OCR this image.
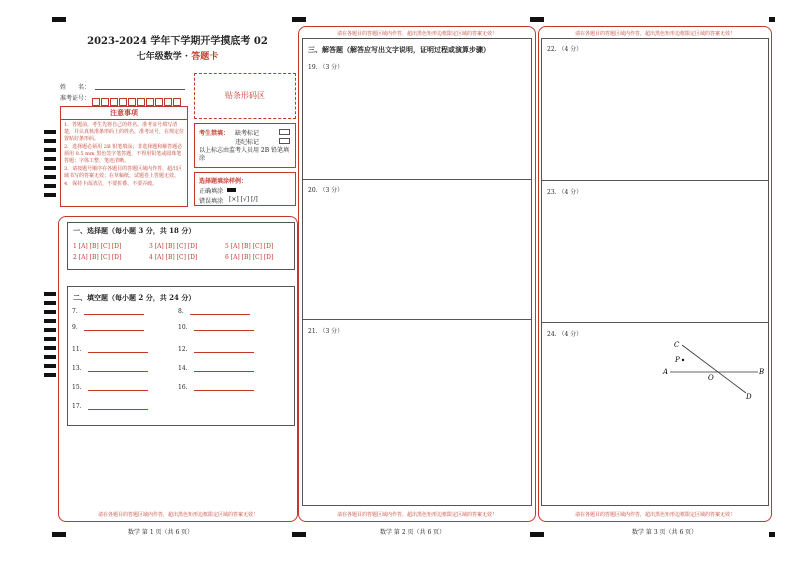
2023-2024 学年下学期开学摸底考 02
七年级数学 · 答题卡
姓　　名：
准考证号：	贴条形码区
注意事项
1．答题前，考生先将自己的姓名、准考证号填写清楚，并认真核准条形码上的姓名、准考证号，在规定位置贴好条形码。
2．选择题必须用 2B 铅笔填涂；非选择题和解答题必须用 0.5 mm 黑色签字笔答题，不得用铅笔或圆珠笔答题；字体工整、笔迹清晰。
3．请按题号顺序在各题目的答题区域内作答，超出区域书写的答案无效；在草稿纸、试题卷上答题无效。
4．保持卡面清洁，不要折叠、不要弄破。
考生禁填： 缺考标记
违纪标记
以上标志由监考人员用 2B 铅笔填涂
选择题填涂样例：
正确填涂
错误填涂 [×] [√] [/]
一、选择题（每小题 3 分，共 18 分）
1 [A] [B] [C] [D]	3 [A] [B] [C] [D]	5 [A] [B] [C] [D]
2 [A] [B] [C] [D]	4 [A] [B] [C] [D]	6 [A] [B] [C] [D]
二、填空题（每小题 2 分，共 24 分）
7.
9.
11.
13.
15.
17.
8.
10.
12.
14.
16.
请在各题目的答题区域内作答，超出黑色矩形边框限定区域的答案无效！
请在各题目的答题区域内作答，超出黑色矩形边框限定区域的答案无效！
三、解答题（解答应写出文字说明，证明过程或演算步骤）
19. （3 分）
20. （3 分）
21. （3 分）
请在各题目的答题区域内作答，超出黑色矩形边框限定区域的答案无效！
请在各题目的答题区域内作答，超出黑色矩形边框限定区域的答案无效！
22. （4 分）
23. （4 分）
24. （4 分）
C
P
A
O
B
D
请在各题目的答题区域内作答，超出黑色矩形边框限定区域的答案无效！
数学 第 1 页（共 6 页）	数学 第 2 页（共 6 页）	数学 第 3 页（共 6 页）
